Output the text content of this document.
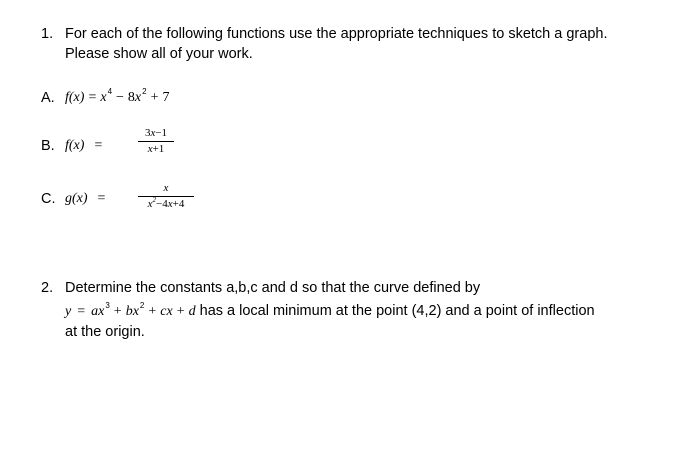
1. For each of the following functions use the appropriate techniques to sketch a graph.
Please show all of your work.
A. $f(x) = x^4 - 8x^2 + 7$
B. f(x) =
3x−1
x+1
C. g(x) =
x
$x^2-4x+4$
2. Determine the constants a,b,c and d so that the curve defined by
$y = ax^3 + bx^2$ + cx + d has a local minimum at the point (4,2) and a point of inflection
at the origin.
